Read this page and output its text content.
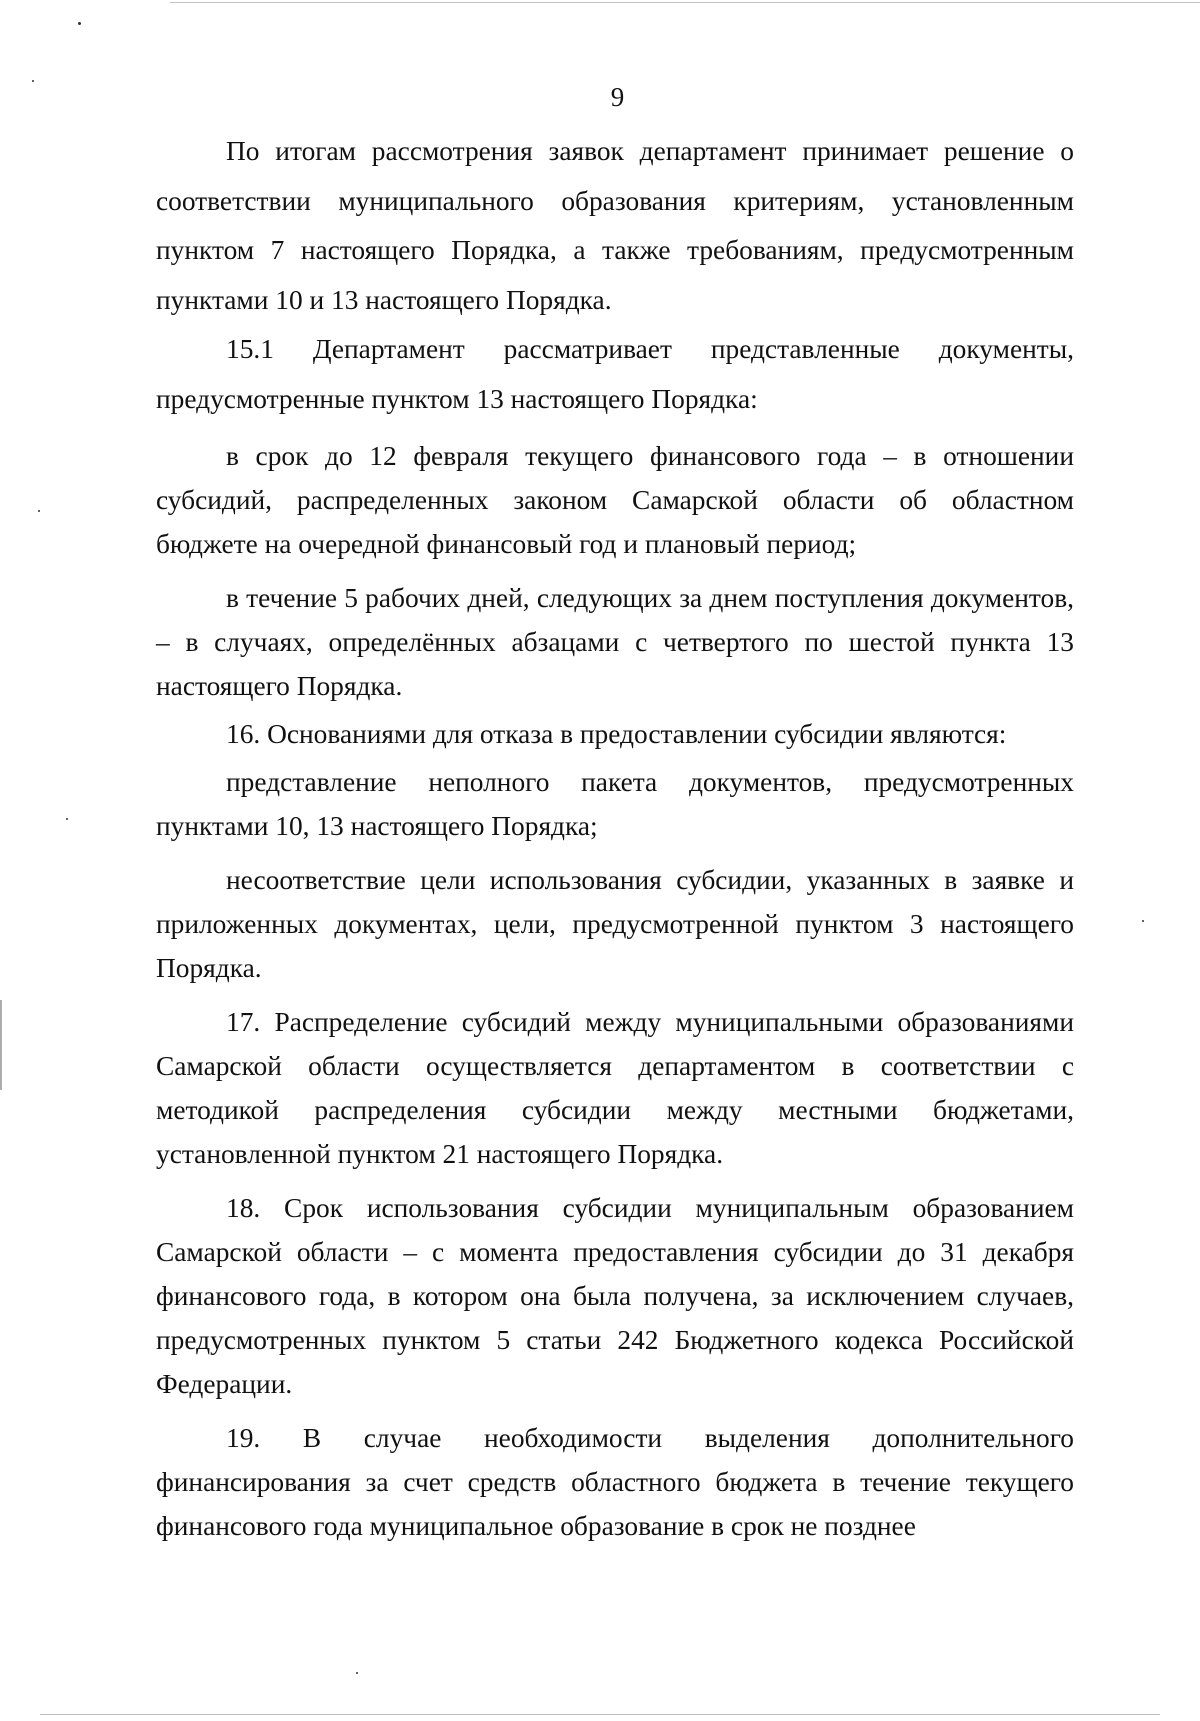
9

По итогам рассмотрения заявок департамент принимает решение о соответствии муниципального образования критериям, установленным пунктом 7 настоящего Порядка, а также требованиям, предусмотренным пунктами 10 и 13 настоящего Порядка.

15.1 Департамент рассматривает представленные документы, предусмотренные пунктом 13 настоящего Порядка:

в срок до 12 февраля текущего финансового года – в отношении субсидий, распределенных законом Самарской области об областном бюджете на очередной финансовый год и плановый период;

в течение 5 рабочих дней, следующих за днем поступления документов, – в случаях, определённых абзацами с четвертого по шестой пункта 13 настоящего Порядка.

16. Основаниями для отказа в предоставлении субсидии являются:

представление неполного пакета документов, предусмотренных пунктами 10, 13 настоящего Порядка;

несоответствие цели использования субсидии, указанных в заявке и приложенных документах, цели, предусмотренной пунктом 3 настоящего Порядка.

17. Распределение субсидий между муниципальными образованиями Самарской области осуществляется департаментом в соответствии с методикой распределения субсидии между местными бюджетами, установленной пунктом 21 настоящего Порядка.

18. Срок использования субсидии муниципальным образованием Самарской области – с момента предоставления субсидии до 31 декабря финансового года, в котором она была получена, за исключением случаев, предусмотренных пунктом 5 статьи 242 Бюджетного кодекса Российской Федерации.

19. В случае необходимости выделения дополнительного финансирования за счет средств областного бюджета в течение текущего финансового года муниципальное образование в срок не позднее
